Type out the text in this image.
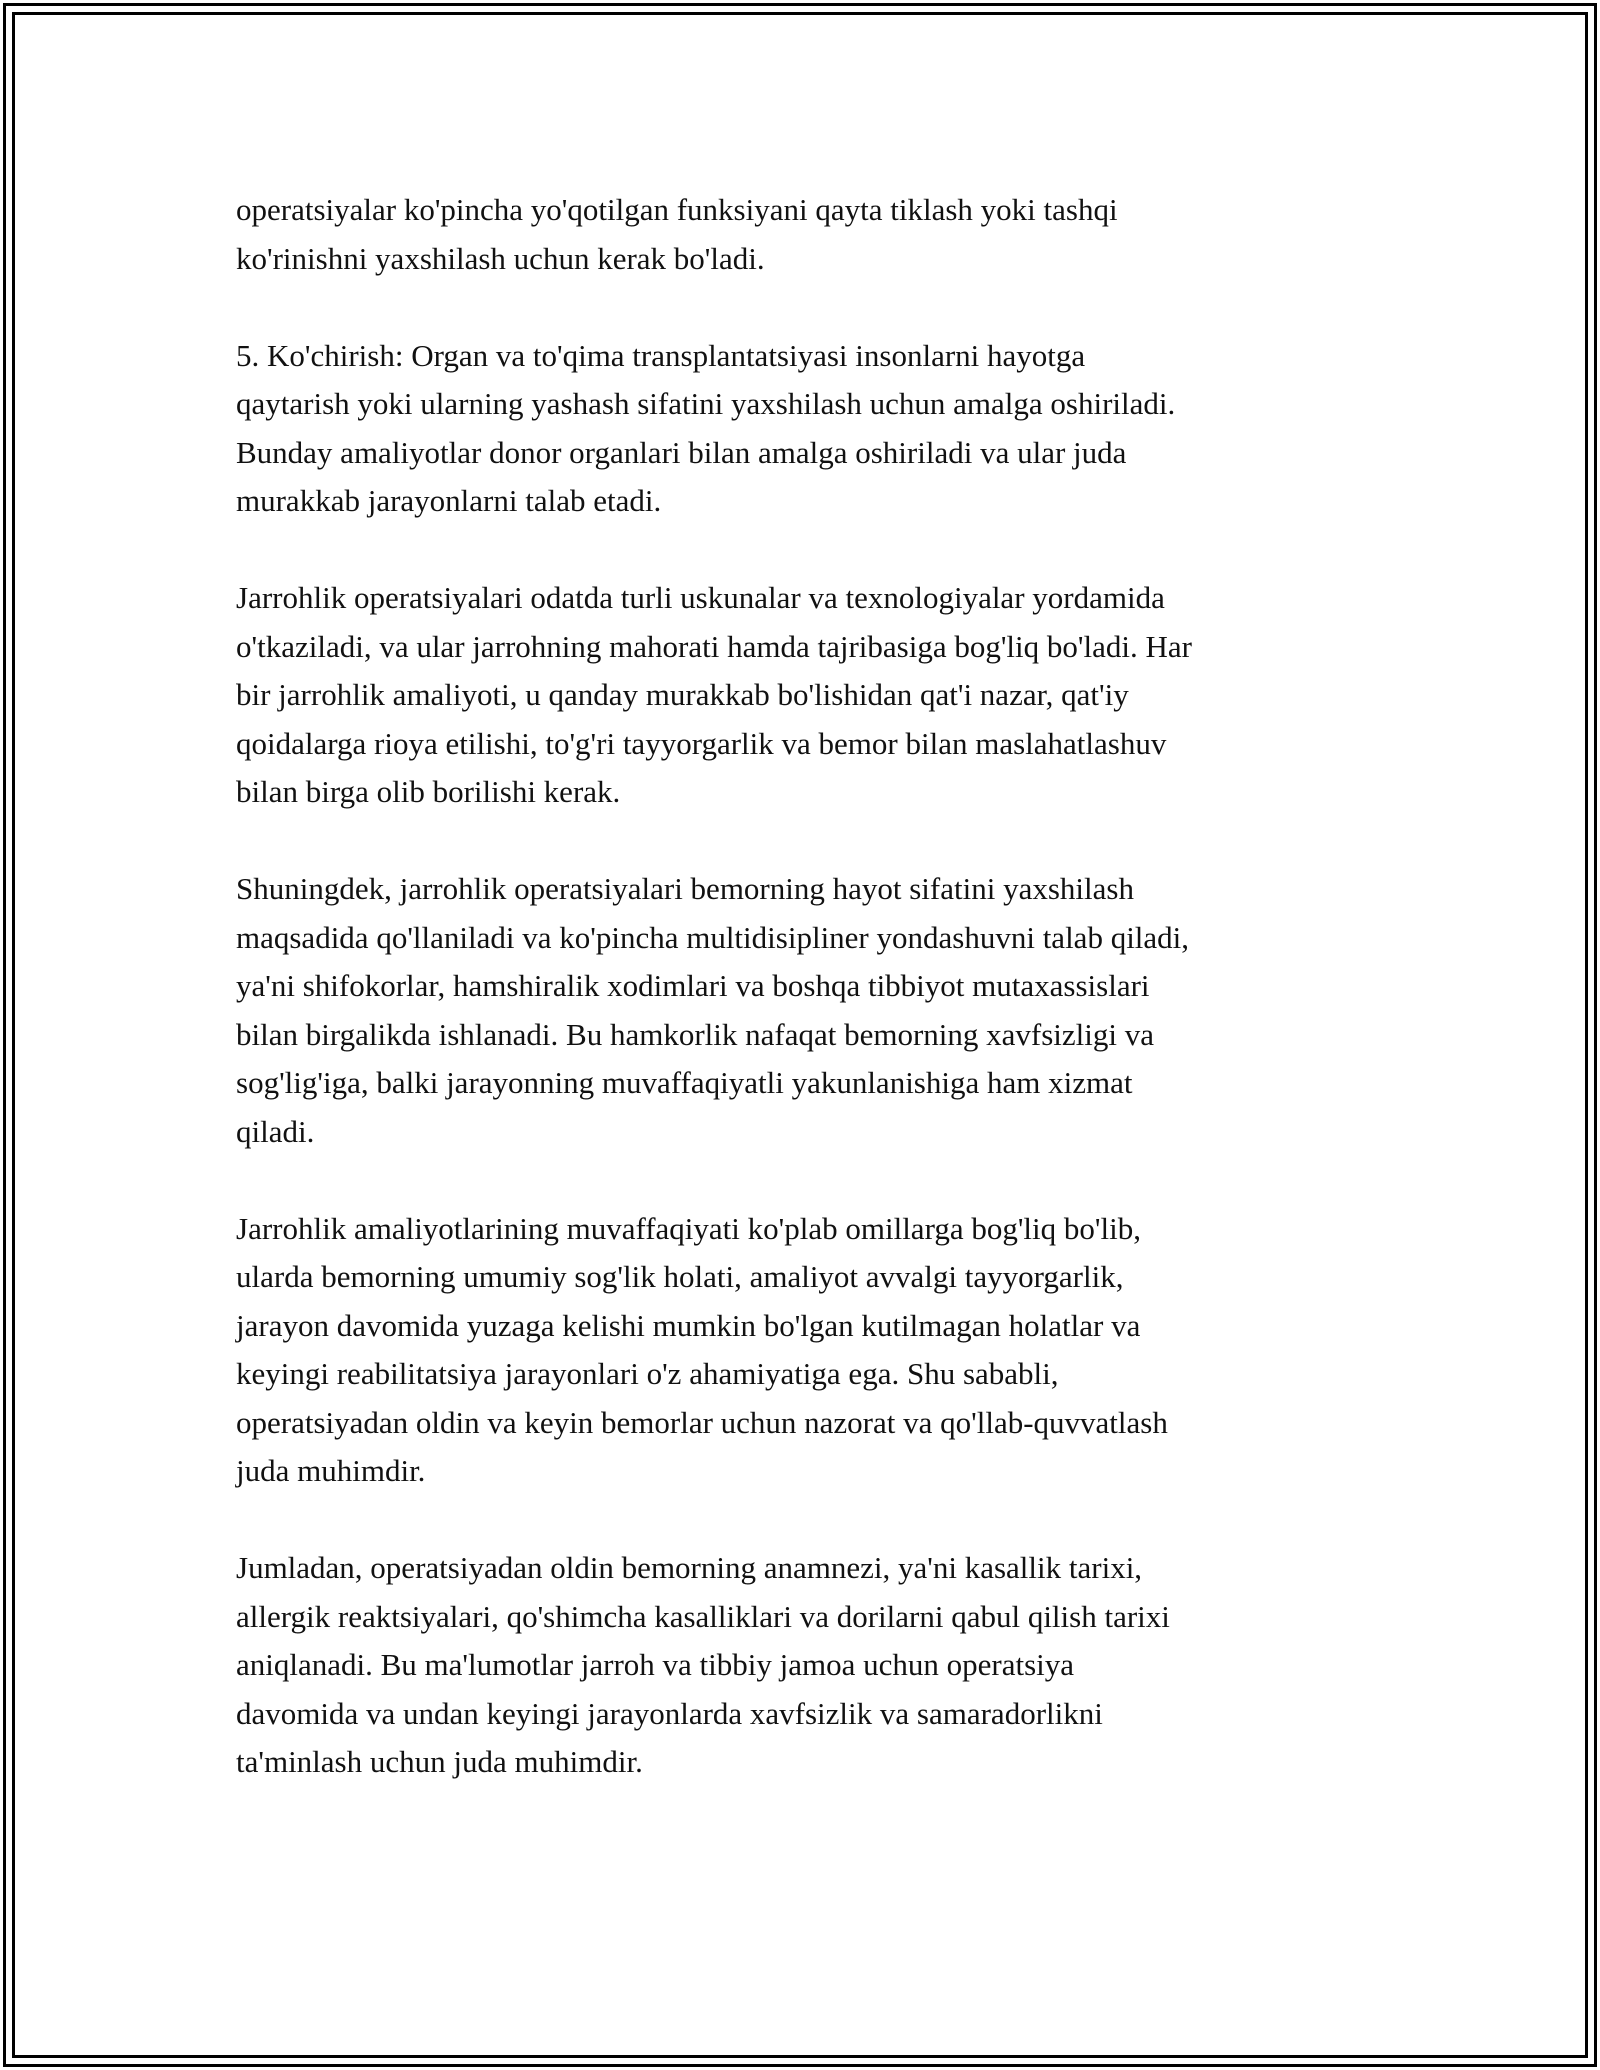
operatsiyalar ko'pincha yo'qotilgan funksiyani qayta tiklash yoki tashqi
ko'rinishni yaxshilash uchun kerak bo'ladi.
5. Ko'chirish: Organ va to'qima transplantatsiyasi insonlarni hayotga
qaytarish yoki ularning yashash sifatini yaxshilash uchun amalga oshiriladi.
Bunday amaliyotlar donor organlari bilan amalga oshiriladi va ular juda
murakkab jarayonlarni talab etadi.
Jarrohlik operatsiyalari odatda turli uskunalar va texnologiyalar yordamida
o'tkaziladi, va ular jarrohning mahorati hamda tajribasiga bog'liq bo'ladi. Har
bir jarrohlik amaliyoti, u qanday murakkab bo'lishidan qat'i nazar, qat'iy
qoidalarga rioya etilishi, to'g'ri tayyorgarlik va bemor bilan maslahatlashuv
bilan birga olib borilishi kerak.
Shuningdek, jarrohlik operatsiyalari bemorning hayot sifatini yaxshilash
maqsadida qo'llaniladi va ko'pincha multidisipliner yondashuvni talab qiladi,
ya'ni shifokorlar, hamshiralik xodimlari va boshqa tibbiyot mutaxassislari
bilan birgalikda ishlanadi. Bu hamkorlik nafaqat bemorning xavfsizligi va
sog'lig'iga, balki jarayonning muvaffaqiyatli yakunlanishiga ham xizmat
qiladi.
Jarrohlik amaliyotlarining muvaffaqiyati ko'plab omillarga bog'liq bo'lib,
ularda bemorning umumiy sog'lik holati, amaliyot avvalgi tayyorgarlik,
jarayon davomida yuzaga kelishi mumkin bo'lgan kutilmagan holatlar va
keyingi reabilitatsiya jarayonlari o'z ahamiyatiga ega. Shu sababli,
operatsiyadan oldin va keyin bemorlar uchun nazorat va qo'llab-quvvatlash
juda muhimdir.
Jumladan, operatsiyadan oldin bemorning anamnezi, ya'ni kasallik tarixi,
allergik reaktsiyalari, qo'shimcha kasalliklari va dorilarni qabul qilish tarixi
aniqlanadi. Bu ma'lumotlar jarroh va tibbiy jamoa uchun operatsiya
davomida va undan keyingi jarayonlarda xavfsizlik va samaradorlikni
ta'minlash uchun juda muhimdir.
